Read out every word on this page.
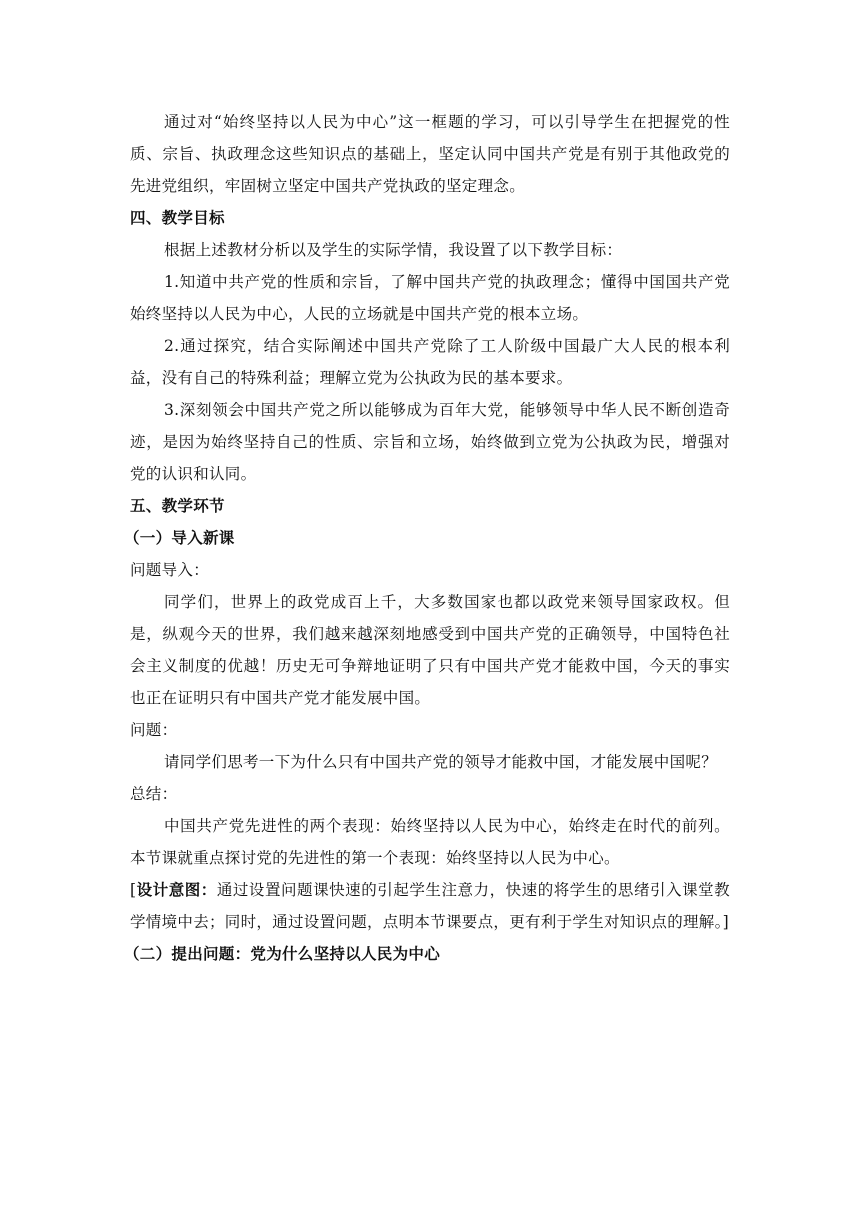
通过对“始终坚持以人民为中心”这一框题的学习，可以引导学生在把握党的性质、宗旨、执政理念这些知识点的基础上，坚定认同中国共产党是有别于其他政党的先进党组织，牢固树立坚定中国共产党执政的坚定理念。

四、教学目标

根据上述教材分析以及学生的实际学情，我设置了以下教学目标：

1.知道中共产党的性质和宗旨，了解中国共产党的执政理念；懂得中国国共产党始终坚持以人民为中心，人民的立场就是中国共产党的根本立场。

2.通过探究，结合实际阐述中国共产党除了工人阶级中国最广大人民的根本利益，没有自己的特殊利益；理解立党为公执政为民的基本要求。

3.深刻领会中国共产党之所以能够成为百年大党，能够领导中华人民不断创造奇迹，是因为始终坚持自己的性质、宗旨和立场，始终做到立党为公执政为民，增强对党的认识和认同。

五、教学环节

（一）导入新课

问题导入：

同学们，世界上的政党成百上千，大多数国家也都以政党来领导国家政权。但是，纵观今天的世界，我们越来越深刻地感受到中国共产党的正确领导，中国特色社会主义制度的优越！历史无可争辩地证明了只有中国共产党才能救中国，今天的事实也正在证明只有中国共产党才能发展中国。

问题：

请同学们思考一下为什么只有中国共产党的领导才能救中国，才能发展中国呢？

总结：

中国共产党先进性的两个表现：始终坚持以人民为中心，始终走在时代的前列。本节课就重点探讨党的先进性的第一个表现：始终坚持以人民为中心。

[设计意图：通过设置问题课快速的引起学生注意力，快速的将学生的思绪引入课堂教学情境中去；同时，通过设置问题，点明本节课要点，更有利于学生对知识点的理解。]

（二）提出问题：党为什么坚持以人民为中心
